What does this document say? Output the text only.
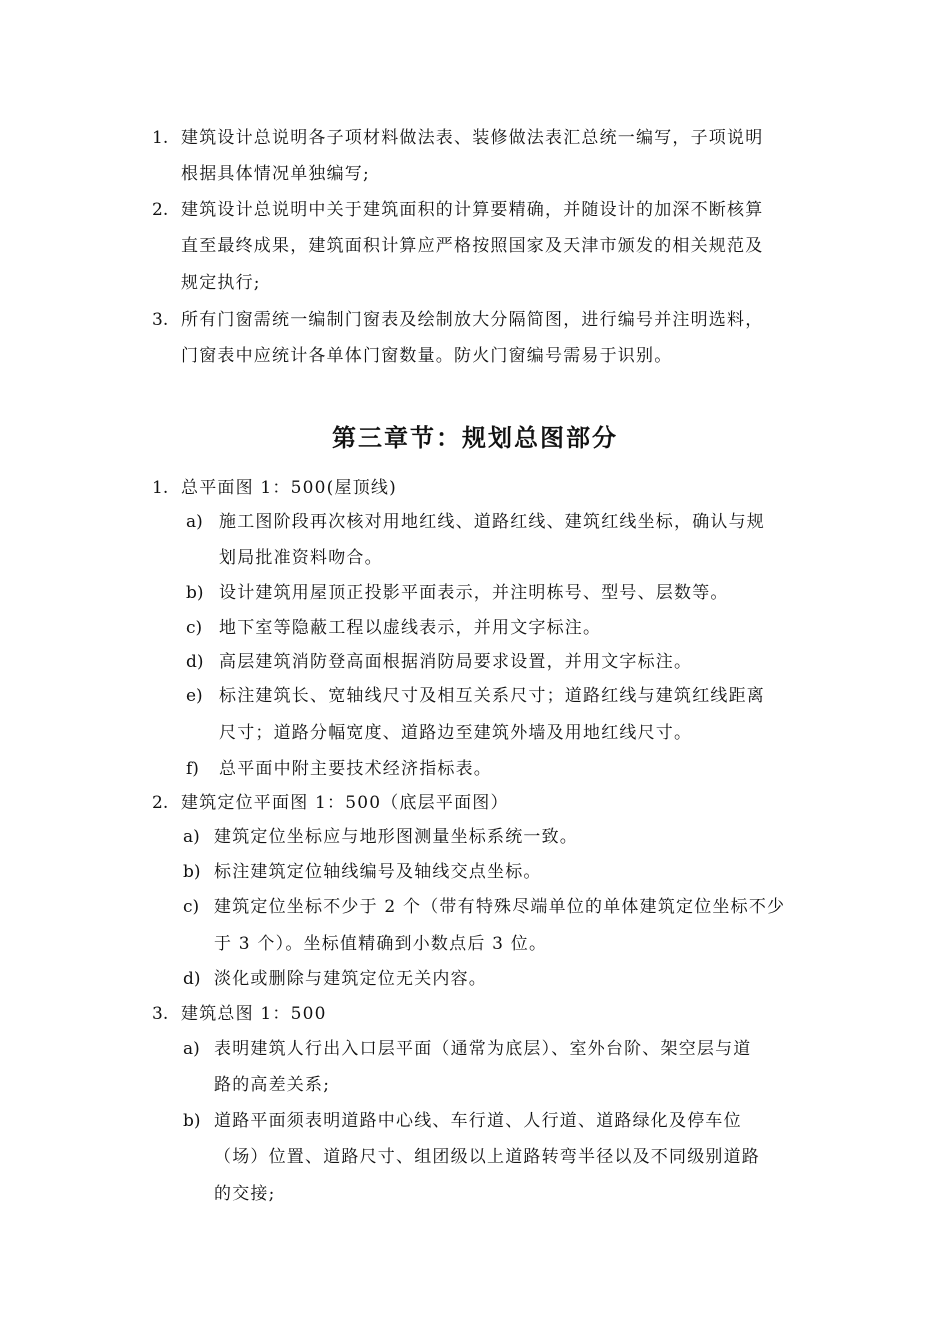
1. 建筑设计总说明各子项材料做法表、装修做法表汇总统一编写，子项说明
根据具体情况单独编写;
2. 建筑设计总说明中关于建筑面积的计算要精确，并随设计的加深不断核算
直至最终成果，建筑面积计算应严格按照国家及天津市颁发的相关规范及
规定执行;
3. 所有门窗需统一编制门窗表及绘制放大分隔简图，进行编号并注明选料，
门窗表中应统计各单体门窗数量。防火门窗编号需易于识别。
第三章节：规划总图部分
1. 总平面图 1：500(屋顶线)
a) 施工图阶段再次核对用地红线、道路红线、建筑红线坐标，确认与规
划局批准资料吻合。
b) 设计建筑用屋顶正投影平面表示，并注明栋号、型号、层数等。
c) 地下室等隐蔽工程以虚线表示，并用文字标注。
d) 高层建筑消防登高面根据消防局要求设置，并用文字标注。
e) 标注建筑长、宽轴线尺寸及相互关系尺寸；道路红线与建筑红线距离
尺寸；道路分幅宽度、道路边至建筑外墙及用地红线尺寸。
f) 总平面中附主要技术经济指标表。
2. 建筑定位平面图 1：500（底层平面图）
a) 建筑定位坐标应与地形图测量坐标系统一致。
b) 标注建筑定位轴线编号及轴线交点坐标。
c) 建筑定位坐标不少于 2 个（带有特殊尽端单位的单体建筑定位坐标不少
于 3 个）。坐标值精确到小数点后 3 位。
d) 淡化或删除与建筑定位无关内容。
3. 建筑总图 1：500
a) 表明建筑人行出入口层平面（通常为底层）、室外台阶、架空层与道
路的高差关系;
b) 道路平面须表明道路中心线、车行道、人行道、道路绿化及停车位
（场）位置、道路尺寸、组团级以上道路转弯半径以及不同级别道路
的交接;
